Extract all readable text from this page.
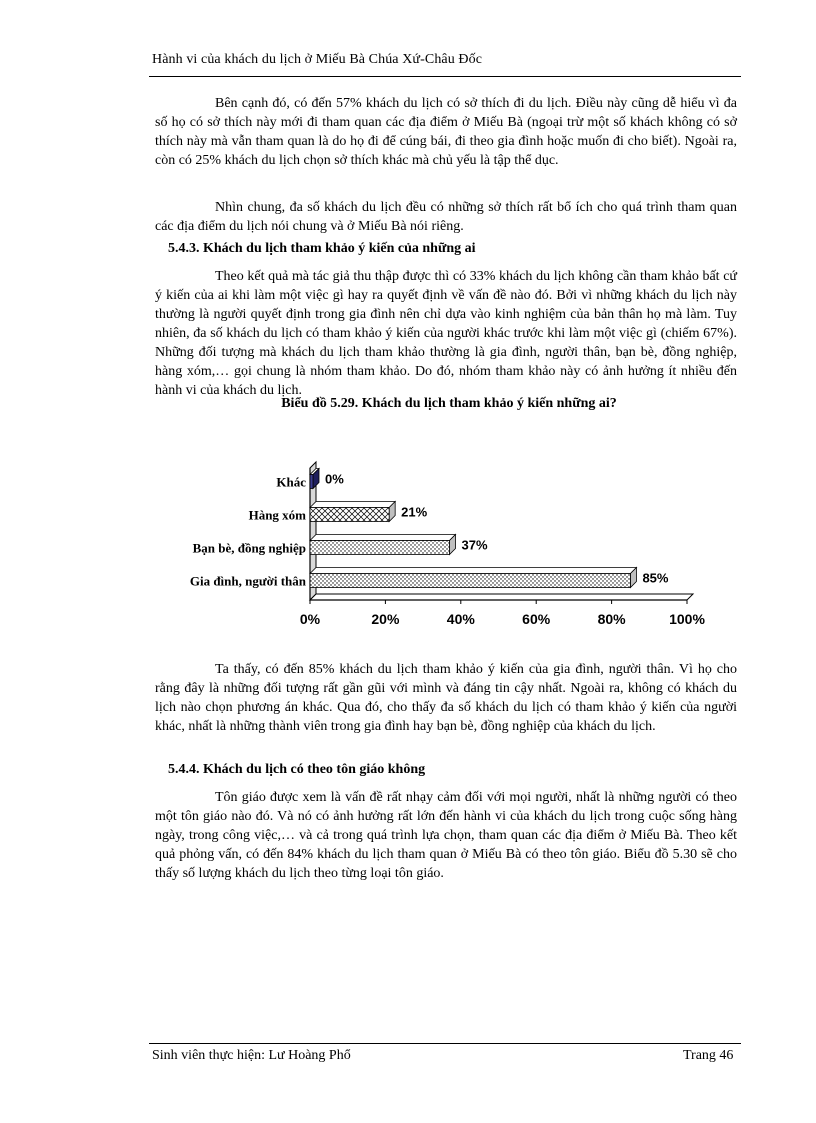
Hành vi của khách du lịch ở Miếu Bà Chúa Xứ-Châu Đốc

Bên cạnh đó, có đến 57% khách du lịch có sở thích đi du lịch. Điều này cũng dễ hiểu vì đa số họ có sở thích này mới đi tham quan các địa điểm ở Miếu Bà (ngoại trừ một số khách không có sở thích này mà vẫn tham quan là do họ đi để cúng bái, đi theo gia đình hoặc muốn đi cho biết). Ngoài ra, còn có 25% khách du lịch chọn sở thích khác mà chủ yếu là tập thể dục.

Nhìn chung, đa số khách du lịch đều có những sở thích rất bổ ích cho quá trình tham quan các địa điểm du lịch nói chung và ở Miếu Bà nói riêng.

5.4.3. Khách du lịch tham khảo ý kiến của những ai

Theo kết quả mà tác giả thu thập được thì có 33% khách du lịch không cần tham khảo bất cứ ý kiến của ai khi làm một việc gì hay ra quyết định về vấn đề nào đó. Bởi vì những khách du lịch này thường là người quyết định trong gia đình nên chỉ dựa vào kinh nghiệm của bản thân họ mà làm. Tuy nhiên, đa số khách du lịch có tham khảo ý kiến của người khác trước khi làm một việc gì (chiếm 67%). Những đối tượng mà khách du lịch tham khảo thường là gia đình, người thân, bạn bè, đồng nghiệp, hàng xóm,… gọi chung là nhóm tham khảo. Do đó, nhóm tham khảo này có ảnh hưởng ít nhiều đến hành vi của khách du lịch.

Biểu đồ 5.29. Khách du lịch tham khảo ý kiến những ai?
0%	20%	40%	60%	80%	100%
Gia đình, người thân	85%
Bạn bè, đồng nghiệp	37%
Hàng xóm	21%
Khác 0%

Ta thấy, có đến 85% khách du lịch tham khảo ý kiến của gia đình, người thân. Vì họ cho rằng đây là những đối tượng rất gần gũi với mình và đáng tin cậy nhất. Ngoài ra, không có khách du lịch nào chọn phương án khác. Qua đó, cho thấy đa số khách du lịch có tham khảo ý kiến của người khác, nhất là những thành viên trong gia đình hay bạn bè, đồng nghiệp của khách du lịch.

5.4.4. Khách du lịch có theo tôn giáo không

Tôn giáo được xem là vấn đề rất nhạy cảm đối với mọi người, nhất là những người có theo một tôn giáo nào đó. Và nó có ảnh hưởng rất lớn đến hành vi của khách du lịch trong cuộc sống hàng ngày, trong công việc,… và cả trong quá trình lựa chọn, tham quan các địa điểm ở Miếu Bà. Theo kết quả phỏng vấn, có đến 84% khách du lịch tham quan ở Miếu Bà có theo tôn giáo. Biểu đồ 5.30 sẽ cho thấy số lượng khách du lịch theo từng loại tôn giáo.

Sinh viên thực hiện: Lư Hoàng Phổ	Trang 46
